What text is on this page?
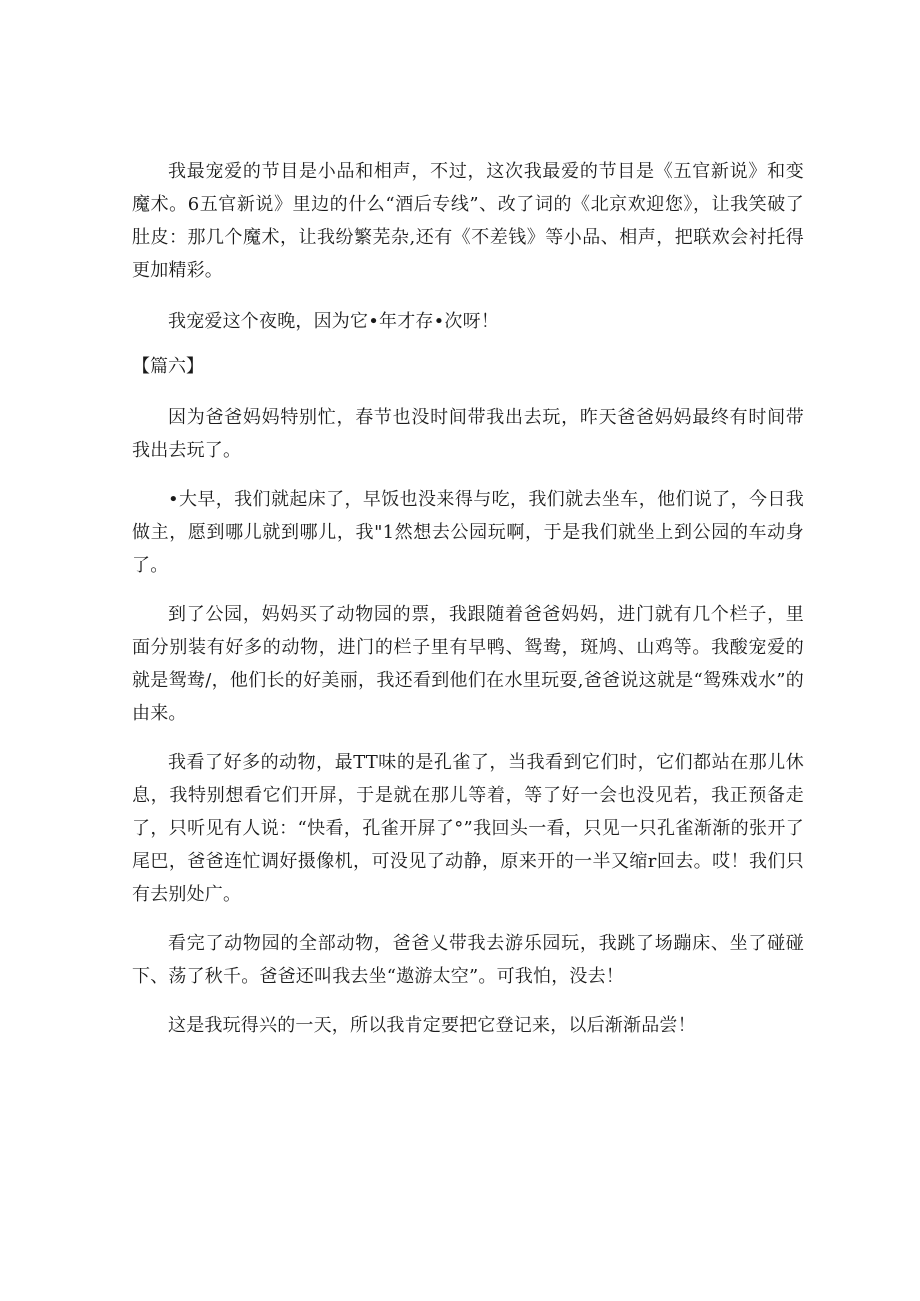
我最宠爱的节目是小品和相声，不过，这次我最爱的节目是《五官新说》和变魔术。6五官新说》里边的什么“酒后专线”、改了词的《北京欢迎您》，让我笑破了肚皮：那几个魔术，让我纷繁芜杂,还有《不差钱》等小品、相声，把联欢会衬托得更加精彩。

我宠爱这个夜晚，因为它•年才存•次呀！

【篇六】

因为爸爸妈妈特别忙，春节也没时间带我出去玩，昨天爸爸妈妈最终有时间带我出去玩了。

•大早，我们就起床了，早饭也没来得与吃，我们就去坐车，他们说了，今日我做主，愿到哪儿就到哪儿，我"1然想去公园玩啊，于是我们就坐上到公园的车动身了。

到了公园，妈妈买了动物园的票，我跟随着爸爸妈妈，进门就有几个栏子，里面分别装有好多的动物，进门的栏子里有早鸭、鸳鸯，斑鸠、山鸡等。我酸宠爱的就是鸳鸯/，他们长的好美丽，我还看到他们在水里玩耍,爸爸说这就是“鸳殊戏水”的由来。

我看了好多的动物，最TT味的是孔雀了，当我看到它们时，它们都站在那儿休息，我特别想看它们开屏，于是就在那儿等着，等了好一会也没见若，我正预备走了，只听见有人说：“快看，孔雀开屏了°”我回头一看，只见一只孔雀渐渐的张开了尾巴，爸爸连忙调好摄像机，可没见了动静，原来开的一半又缩r回去。哎！我们只有去别处广。

看完了动物园的全部动物，爸爸乂带我去游乐园玩，我跳了场蹦床、坐了碰碰下、荡了秋千。爸爸还叫我去坐“遨游太空”。可我怕，没去！

这是我玩得兴的一天，所以我肯定要把它登记来，以后渐渐品尝！
